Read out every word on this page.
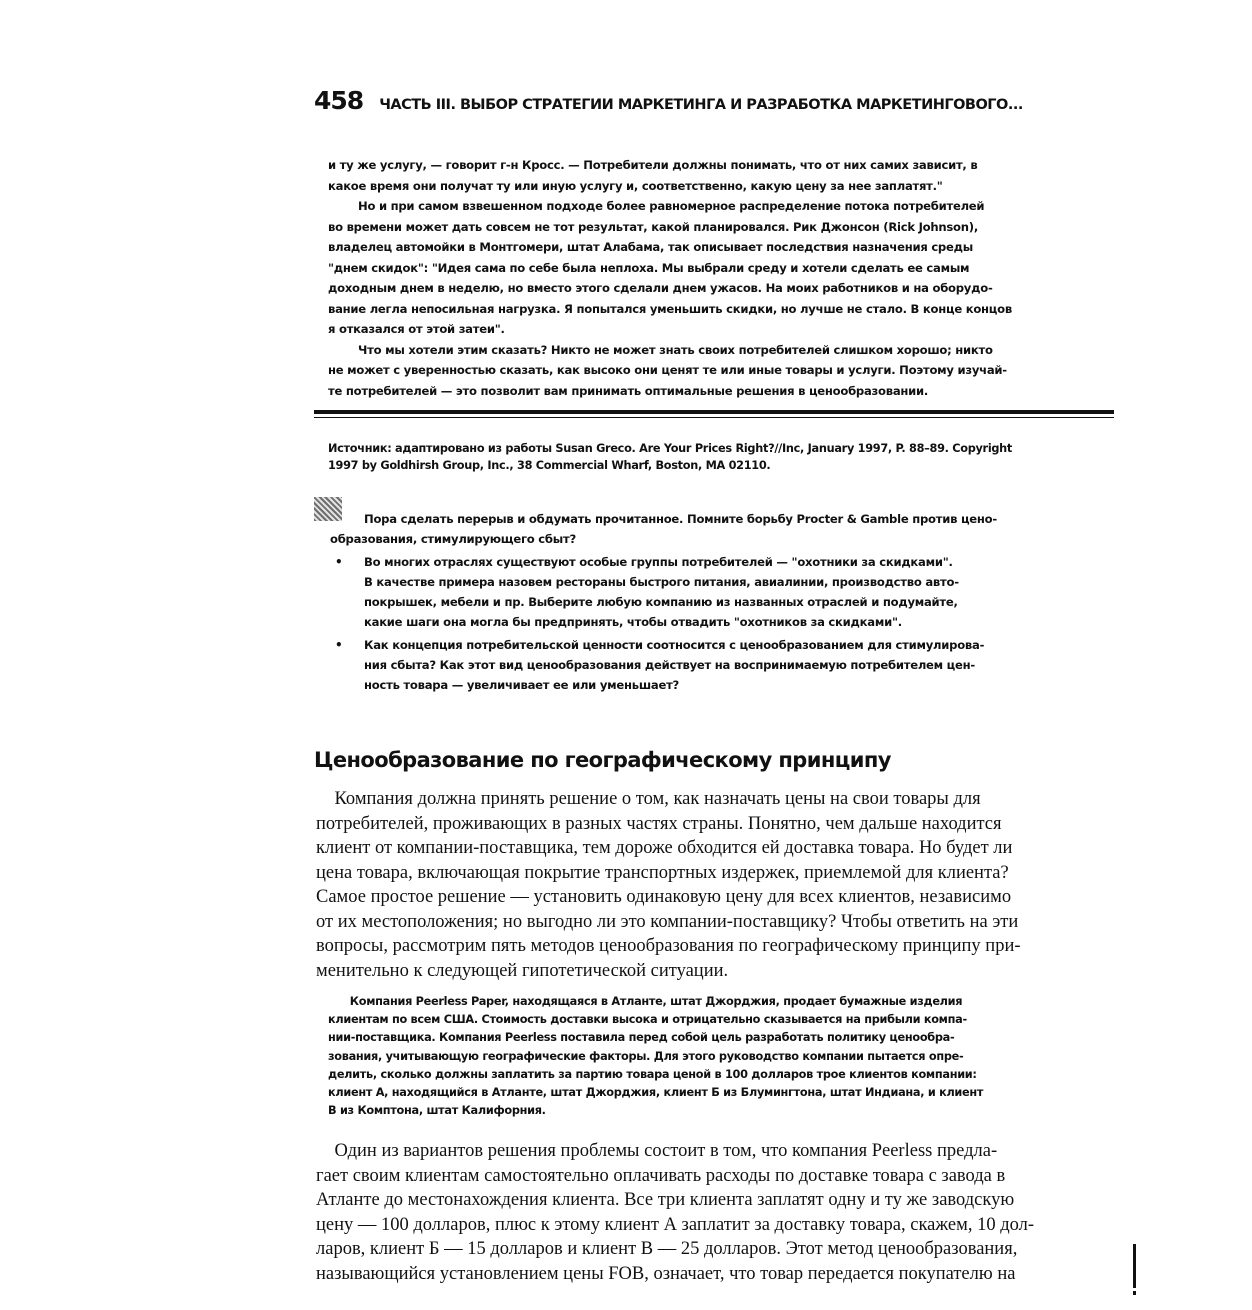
458 ЧАСТЬ III. ВЫБОР СТРАТЕГИИ МАРКЕТИНГА И РАЗРАБОТКА МАРКЕТИНГОВОГО...
и ту же услугу, — говорит г-н Кросс. — Потребители должны понимать, что от них самих зависит, в
какое время они получат ту или иную услугу и, соответственно, какую цену за нее заплатят."
Но и при самом взвешенном подходе более равномерное распределение потока потребителей
во времени может дать совсем не тот результат, какой планировался. Рик Джонсон (Rick Johnson),
владелец автомойки в Монтгомери, штат Алабама, так описывает последствия назначения среды
"днем скидок": "Идея сама по себе была неплоха. Мы выбрали среду и хотели сделать ее самым
доходным днем в неделю, но вместо этого сделали днем ужасов. На моих работников и на оборудо-
вание легла непосильная нагрузка. Я попытался уменьшить скидки, но лучше не стало. В конце концов
я отказался от этой затеи".
Что мы хотели этим сказать? Никто не может знать своих потребителей слишком хорошо; никто
не может с уверенностью сказать, как высоко они ценят те или иные товары и услуги. Поэтому изучай-
те потребителей — это позволит вам принимать оптимальные решения в ценообразовании.
Источник: адаптировано из работы Susan Greco. Are Your Prices Right?//Inc, January 1997, P. 88–89. Copyright
1997 by Goldhirsh Group, Inc., 38 Commercial Wharf, Boston, MA 02110.
Пора сделать перерыв и обдумать прочитанное. Помните борьбу Procter & Gamble против цено-
образования, стимулирующего сбыт?
• Во многих отраслях существуют особые группы потребителей — "охотники за скидками".
В качестве примера назовем рестораны быстрого питания, авиалинии, производство авто-
покрышек, мебели и пр. Выберите любую компанию из названных отраслей и подумайте,
какие шаги она могла бы предпринять, чтобы отвадить "охотников за скидками".
• Как концепция потребительской ценности соотносится с ценообразованием для стимулирова-
ния сбыта? Как этот вид ценообразования действует на воспринимаемую потребителем цен-
ность товара — увеличивает ее или уменьшает?
Ценообразование по географическому принципу
Компания должна принять решение о том, как назначать цены на свои товары для
потребителей, проживающих в разных частях страны. Понятно, чем дальше находится
клиент от компании-поставщика, тем дороже обходится ей доставка товара. Но будет ли
цена товара, включающая покрытие транспортных издержек, приемлемой для клиента?
Самое простое решение — установить одинаковую цену для всех клиентов, независимо
от их местоположения; но выгодно ли это компании-поставщику? Чтобы ответить на эти
вопросы, рассмотрим пять методов ценообразования по географическому принципу при-
менительно к следующей гипотетической ситуации.
Компания Peerless Paper, находящаяся в Атланте, штат Джорджия, продает бумажные изделия
клиентам по всем США. Стоимость доставки высока и отрицательно сказывается на прибыли компа-
нии-поставщика. Компания Peerless поставила перед собой цель разработать политику ценообра-
зования, учитывающую географические факторы. Для этого руководство компании пытается опре-
делить, сколько должны заплатить за партию товара ценой в 100 долларов трое клиентов компании:
клиент А, находящийся в Атланте, штат Джорджия, клиент Б из Блумингтона, штат Индиана, и клиент
В из Комптона, штат Калифорния.
Один из вариантов решения проблемы состоит в том, что компания Peerless предла-
гает своим клиентам самостоятельно оплачивать расходы по доставке товара с завода в
Атланте до местонахождения клиента. Все три клиента заплатят одну и ту же заводскую
цену — 100 долларов, плюс к этому клиент А заплатит за доставку товара, скажем, 10 дол-
ларов, клиент Б — 15 долларов и клиент В — 25 долларов. Этот метод ценообразования,
называющийся установлением цены FOB, означает, что товар передается покупателю на
